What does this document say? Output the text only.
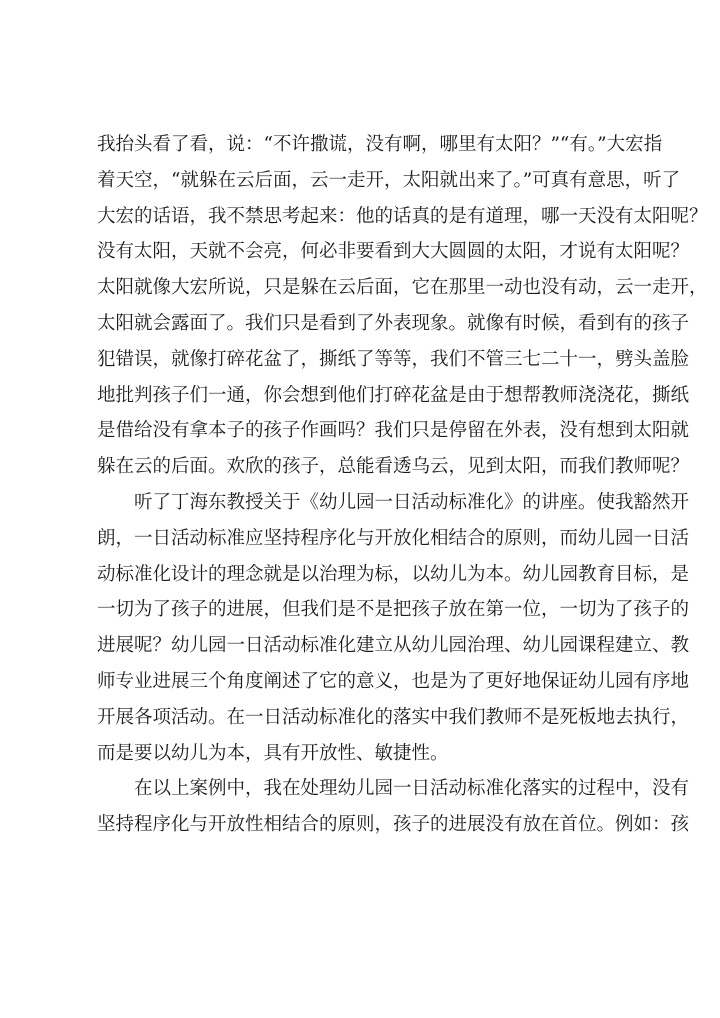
我抬头看了看，说：“不许撒谎，没有啊，哪里有太阳？”“有。”大宏指
着天空，“就躲在云后面，云一走开，太阳就出来了。”可真有意思，听了
大宏的话语，我不禁思考起来：他的话真的是有道理，哪一天没有太阳呢？
没有太阳，天就不会亮，何必非要看到大大圆圆的太阳，才说有太阳呢？
太阳就像大宏所说，只是躲在云后面，它在那里一动也没有动，云一走开，
太阳就会露面了。我们只是看到了外表现象。就像有时候，看到有的孩子
犯错误，就像打碎花盆了，撕纸了等等，我们不管三七二十一，劈头盖脸
地批判孩子们一通，你会想到他们打碎花盆是由于想帮教师浇浇花，撕纸
是借给没有拿本子的孩子作画吗？我们只是停留在外表，没有想到太阳就
躲在云的后面。欢欣的孩子，总能看透乌云，见到太阳，而我们教师呢？
　　听了丁海东教授关于《幼儿园一日活动标准化》的讲座。使我豁然开
朗，一日活动标准应坚持程序化与开放化相结合的原则，而幼儿园一日活
动标准化设计的理念就是以治理为标，以幼儿为本。幼儿园教育目标，是
一切为了孩子的进展，但我们是不是把孩子放在第一位，一切为了孩子的
进展呢？幼儿园一日活动标准化建立从幼儿园治理、幼儿园课程建立、教
师专业进展三个角度阐述了它的意义，也是为了更好地保证幼儿园有序地
开展各项活动。在一日活动标准化的落实中我们教师不是死板地去执行，
而是要以幼儿为本，具有开放性、敏捷性。
　　在以上案例中，我在处理幼儿园一日活动标准化落实的过程中，没有
坚持程序化与开放性相结合的原则，孩子的进展没有放在首位。例如：孩
